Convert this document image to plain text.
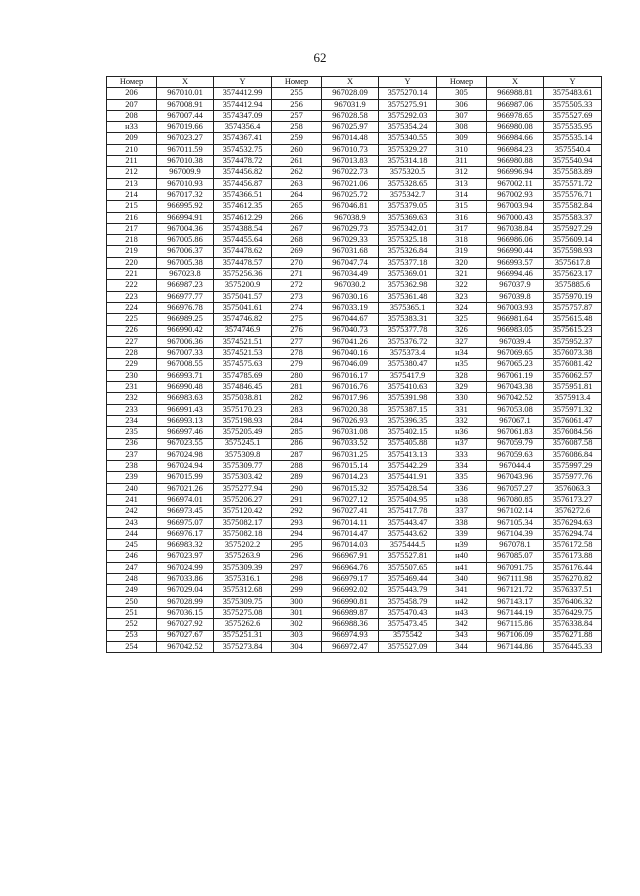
62
Номер	X	Y	Номер	X	Y	Номер	X	Y
206	967010.01	3574412.99	255	967028.09	3575270.14	305	966988.81	3575483.61
207	967008.91	3574412.94	256	967031.9	3575275.91	306	966987.06	3575505.33
208	967007.44	3574347.09	257	967028.58	3575292.03	307	966978.65	3575527.69
н33	967019.66	3574356.4	258	967025.97	3575354.24	308	966980.08	3575535.95
209	967023.27	3574367.41	259	967014.48	3575340.55	309	966984.66	3575535.14
210	967011.59	3574532.75	260	967010.73	3575329.27	310	966984.23	3575540.4
211	967010.38	3574478.72	261	967013.83	3575314.18	311	966980.88	3575540.94
212	967009.9	3574456.82	262	967022.73	3575320.5	312	966996.94	3575583.89
213	967010.93	3574456.87	263	967021.06	3575328.65	313	967002.11	3575571.72
214	967017.32	3574366.51	264	967025.72	3575342.7	314	967002.93	3575576.71
215	966995.92	3574612.35	265	967046.81	3575379.05	315	967003.94	3575582.84
216	966994.91	3574612.29	266	967038.9	3575369.63	316	967000.43	3575583.37
217	967004.36	3574388.54	267	967029.73	3575342.01	317	967038.84	3575927.29
218	967005.86	3574455.64	268	967029.33	3575325.18	318	966986.06	3575609.14
219	967006.37	3574478.62	269	967031.68	3575326.84	319	966990.44	3575598.93
220	967005.38	3574478.57	270	967047.74	3575377.18	320	966993.57	3575617.8
221	967023.8	3575256.36	271	967034.49	3575369.01	321	966994.46	3575623.17
222	966987.23	3575200.9	272	967030.2	3575362.98	322	967037.9	3575885.6
223	966977.77	3575041.57	273	967030.16	3575361.48	323	967039.8	3575970.19
224	966976.78	3575041.61	274	967033.19	3575365.1	324	967003.93	3575757.87
225	966989.25	3574746.82	275	967044.67	3575383.31	325	966981.64	3575615.48
226	966990.42	3574746.9	276	967040.73	3575377.78	326	966983.05	3575615.23
227	967006.36	3574521.51	277	967041.26	3575376.72	327	967039.4	3575952.37
228	967007.33	3574521.53	278	967040.16	3575373.4	н34	967069.65	3576073.38
229	967008.55	3574575.63	279	967046.09	3575380.47	н35	967065.23	3576081.42
230	966993.71	3574785.69	280	967016.17	3575417.9	328	967061.19	3576062.57
231	966990.48	3574846.45	281	967016.76	3575410.63	329	967043.38	3575951.81
232	966983.63	3575038.81	282	967017.96	3575391.98	330	967042.52	3575913.4
233	966991.43	3575170.23	283	967020.38	3575387.15	331	967053.08	3575971.32
234	966993.13	3575198.93	284	967026.93	3575396.35	332	967067.1	3576061.47
235	966997.46	3575205.49	285	967031.08	3575402.15	н36	967061.83	3576084.56
236	967023.55	3575245.1	286	967033.52	3575405.88	н37	967059.79	3576087.58
237	967024.98	3575309.8	287	967031.25	3575413.13	333	967059.63	3576086.84
238	967024.94	3575309.77	288	967015.14	3575442.29	334	967044.4	3575997.29
239	967015.99	3575303.42	289	967014.23	3575441.91	335	967043.96	3575977.76
240	967021.26	3575277.94	290	967015.32	3575428.54	336	967057.27	3576063.3
241	966974.01	3575206.27	291	967027.12	3575404.95	н38	967080.85	3576173.27
242	966973.45	3575120.42	292	967027.41	3575417.78	337	967102.14	3576272.6
243	966975.07	3575082.17	293	967014.11	3575443.47	338	967105.34	3576294.63
244	966976.17	3575082.18	294	967014.47	3575443.62	339	967104.39	3576294.74
245	966983.32	3575202.2	295	967014.03	3575444.5	н39	967078.1	3576172.58
246	967023.97	3575263.9	296	966967.91	3575527.81	н40	967085.07	3576173.88
247	967024.99	3575309.39	297	966964.76	3575507.65	н41	967091.75	3576176.44
248	967033.86	3575316.1	298	966979.17	3575469.44	340	967111.98	3576270.82
249	967029.04	3575312.68	299	966992.02	3575443.79	341	967121.72	3576337.51
250	967028.99	3575309.75	300	966990.81	3575458.79	н42	967143.17	3576406.32
251	967036.15	3575275.08	301	966989.87	3575470.43	н43	967144.19	3576429.75
252	967027.92	3575262.6	302	966988.36	3575473.45	342	967115.86	3576338.84
253	967027.67	3575251.31	303	966974.93	3575542	343	967106.09	3576271.88
254	967042.52	3575273.84	304	966972.47	3575527.09	344	967144.86	3576445.33
